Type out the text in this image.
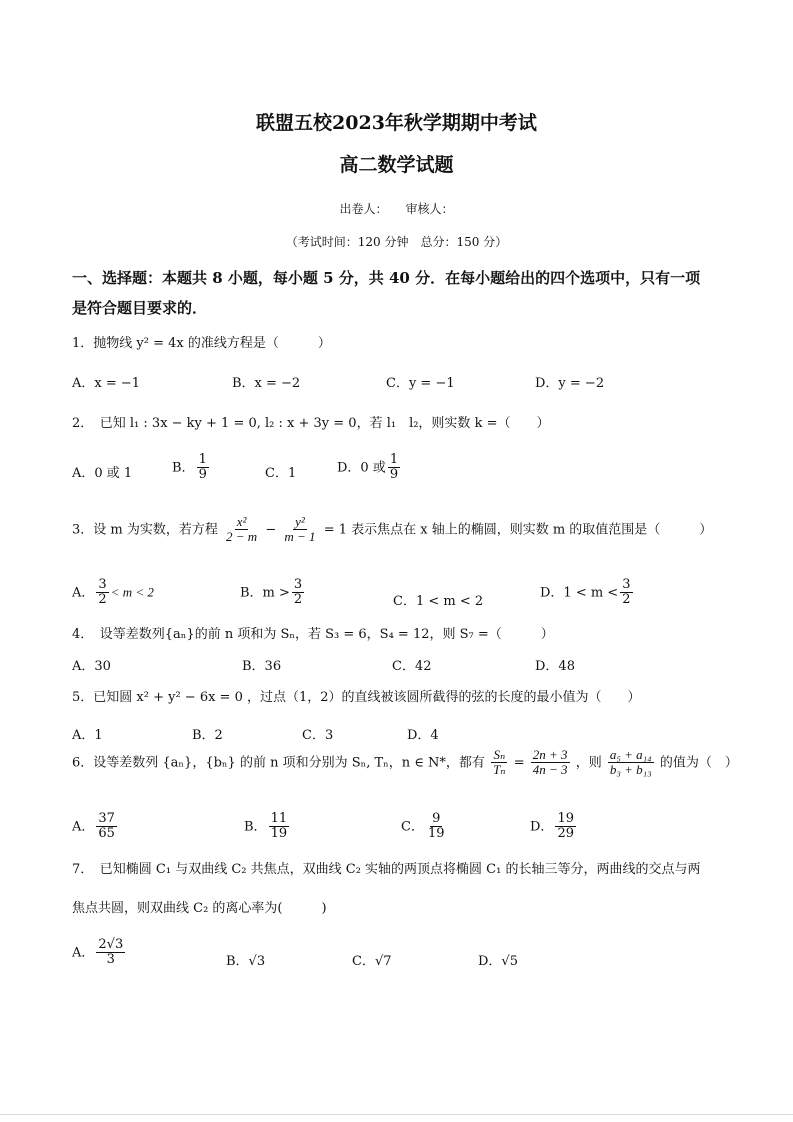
联盟五校2023年秋学期期中考试
高二数学试题
出卷人：　　审核人：
（考试时间：120 分钟　总分：150 分）
一、选择题：本题共 8 小题，每小题 5 分，共 40 分．在每小题给出的四个选项中，只有一项
是符合题目要求的．
1．抛物线 y² = 4x 的准线方程是（　　　）
A．x = −1	B．x = −2	C．y = −1	D．y = −2
2．　已知 l₁ : 3x − ky + 1 = 0, l₂ : x + 3y = 0，若 l₁　l₂，则实数 k =（　　）
A．0 或 1	B． $\frac{1}{9}$	C．1	D．0 或 $\frac{1}{9}$
3．设 m 为实数，若方程 $\frac{\text{x²}}{2 - m} - \frac{\text{y²}}{m - 1} = 1$ 表示焦点在 x 轴上的椭圆，则实数 m 的取值范围是（　　　）
A． $\frac{3}{2} < m < 2$	B．$m > \frac{3}{2}$	C．1 < m < 2
D．$1 < m < \frac{3}{2}$
4．　设等差数列{aₙ}的前 n 项和为 Sₙ，若 S₃ = 6，S₄ = 12，则 S₇ =（　　　）
A．30	B．36	C．42	D．48
5．已知圆 x² + y² − 6x = 0 ，过点（1，2）的直线被该圆所截得的弦的长度的最小值为（　　）
A．1	B．2	C．3	D．4
6．设等差数列 {aₙ}，{bₙ} 的前 n 项和分别为 Sₙ, Tₙ，n ∈ N*，都有 $\frac{\text{Sₙ}}{\text{Tₙ}} = \frac{2n + 3}{4n - 3}$ ，则 $\frac{\text{a₅ + a₁₄}}{\text{b₃ + b₁₃}}$ 的值为（　）
A． $\frac{37}{65}$	B． $\frac{11}{19}$	C． $\frac{9}{19}$	D． $\frac{19}{29}$
7．　已知椭圆 C₁ 与双曲线 C₂ 共焦点，双曲线 C₂ 实轴的两顶点将椭圆 C₁ 的长轴三等分，两曲线的交点与两
焦点共圆，则双曲线 C₂ 的离心率为(　　　)
A． $\frac{2√3}{3}$	B．√3	C．√7	D．√5
